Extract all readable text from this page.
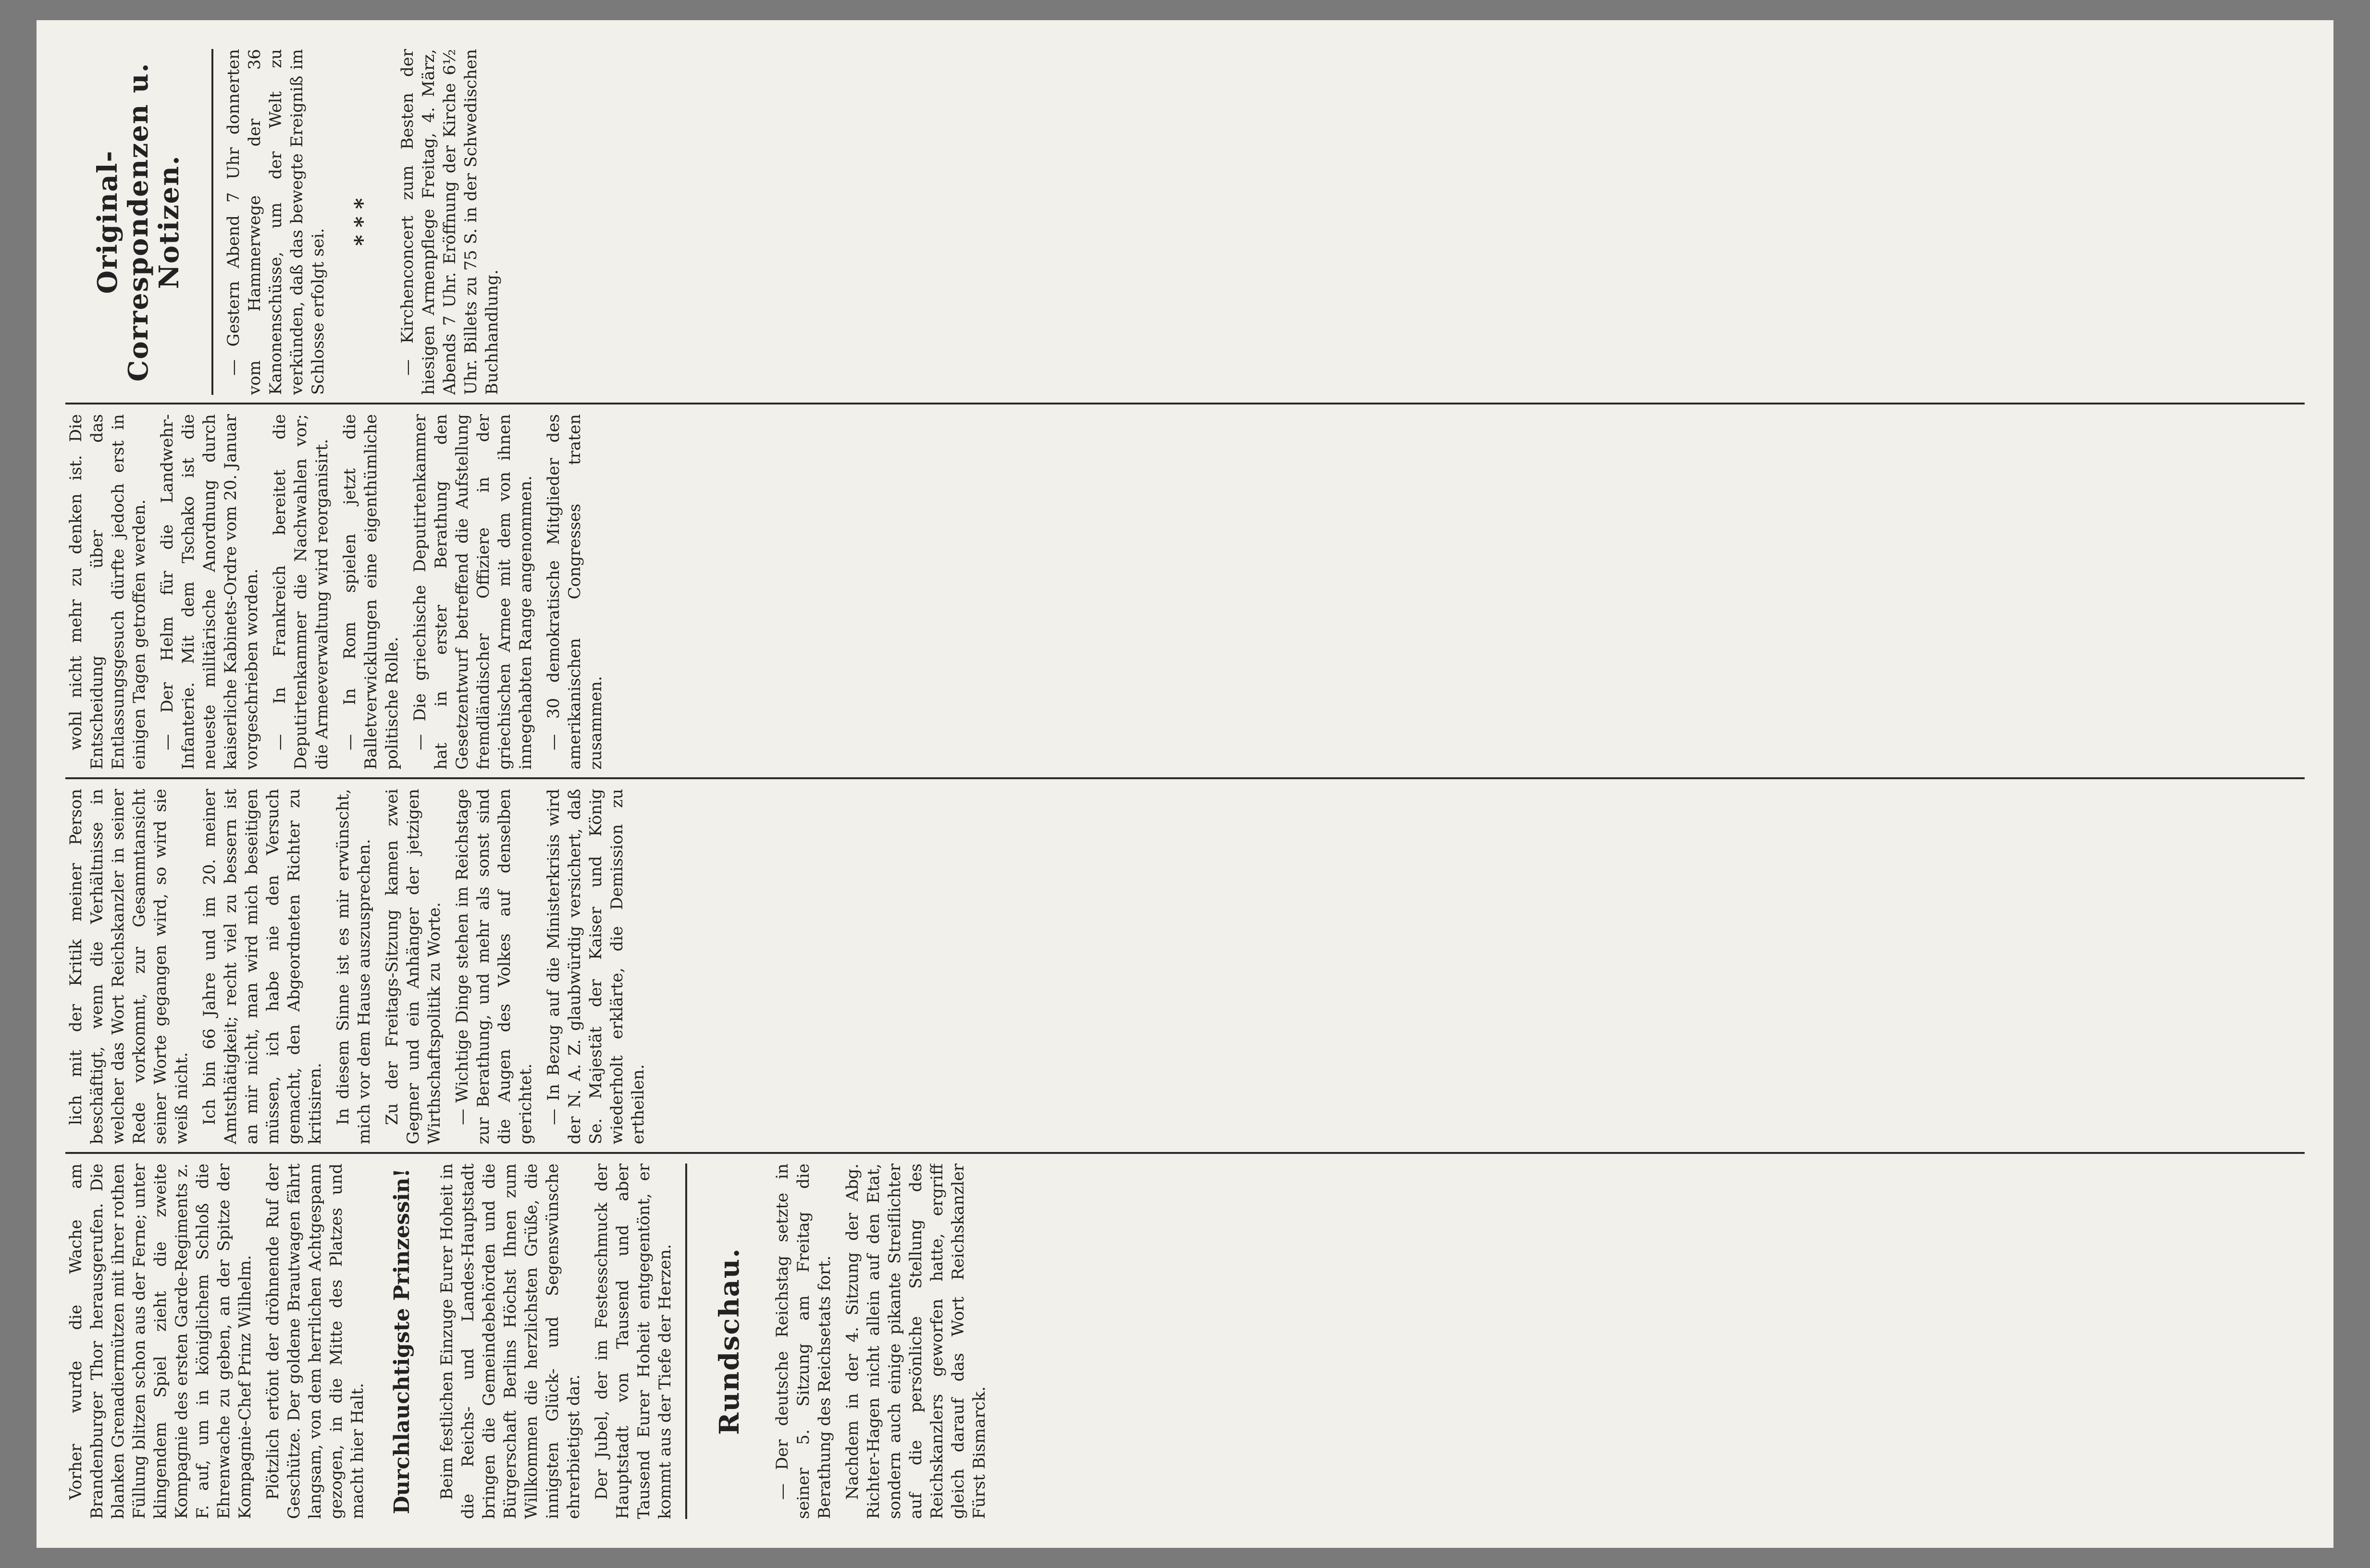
Vorher wurde die Wache am Brandenburger Thor herausgerufen. Die blanken Grenadiermützen mit ihrer rothen Füllung blitzen schon aus der Ferne; unter klingendem Spiel zieht die zweite Kompagnie des ersten Garde-Regiments z. F. auf, um in königlichem Schloß die Ehrenwache zu geben, an der Spitze der Kompagnie-Chef Prinz Wilhelm. Plötzlich ertönt der dröhnende Ruf der Geschütze. Der goldene Brautwagen fährt langsam, von dem herrlichen Achtgespann gezogen, in die Mitte des Platzes und macht hier Halt. Durchlauchtigste Prinzessin! Beim festlichen Einzuge Eurer Hoheit in die Reichs- und Landes-Hauptstadt bringen die Gemeindebehörden und die Bürgerschaft Berlins Höchst Ihnen zum Willkommen die herzlichsten Grüße, die innigsten Glück- und Segenswünsche ehrerbietigst dar. Der Jubel, der im Festesschmuck der Hauptstadt von Tausend und aber Tausend Eurer Hoheit entgegentönt, er kommt aus der Tiefe der Herzen. Rundschau. — Der deutsche Reichstag setzte in seiner 5. Sitzung am Freitag die Berathung des Reichsetats fort. Nachdem in der 4. Sitzung der Abg. Richter-Hagen nicht allein auf den Etat, sondern auch einige pikante Streiflichter auf die persönliche Stellung des Reichskanzlers geworfen hatte, ergriff gleich darauf das Wort Reichskanzler Fürst Bismarck.

lich mit der Kritik meiner Person beschäftigt, wenn die Verhältnisse in welcher das Wort Reichskanzler in seiner Rede vorkommt, zur Gesammtansicht seiner Worte gegangen wird, so wird sie weiß nicht. Ich bin 66 Jahre und im 20. meiner Amtsthätigkeit; recht viel zu bessern ist an mir nicht, man wird mich beseitigen müssen, ich habe nie den Versuch gemacht, den Abgeordneten Richter zu kritisiren. In diesem Sinne ist es mir erwünscht, mich vor dem Hause auszusprechen. Zu der Freitags-Sitzung kamen zwei Gegner und ein Anhänger der jetzigen Wirthschaftspolitik zu Worte. — Wichtige Dinge stehen im Reichstage zur Berathung, und mehr als sonst sind die Augen des Volkes auf denselben gerichtet. — In Bezug auf die Ministerkrisis wird der N. A. Z. glaubwürdig versichert, daß Se. Majestät der Kaiser und König wiederholt erklärte, die Demission zu ertheilen.

wohl nicht mehr zu denken ist. Die Entscheidung über das Entlassungsgesuch dürfte jedoch erst in einigen Tagen getroffen werden. — Der Helm für die Landwehr-Infanterie. Mit dem Tschako ist die neueste militärische Anordnung durch kaiserliche Kabinets-Ordre vom 20. Januar vorgeschrieben worden. — In Frankreich bereitet die Deputirtenkammer die Nachwahlen vor; die Armeeverwaltung wird reorganisirt. — In Rom spielen jetzt die Balletverwicklungen eine eigenthümliche politische Rolle. — Die griechische Deputirtenkammer hat in erster Berathung den Gesetzentwurf betreffend die Aufstellung fremdländischer Offiziere in der griechischen Armee mit dem von ihnen innegehabten Range angenommen. — 30 demokratische Mitglieder des amerikanischen Congresses traten zusammen.

Original-Correspondenzen u. Notizen. — Gestern Abend 7 Uhr donnerten vom Hammerwege der 36 Kanonenschüsse, um der Welt zu verkünden, daß das bewegte Ereigniß im Schlosse erfolgt sei.

* * * — Kirchenconcert zum Besten der hiesigen Armenpflege Freitag, 4. März, Abends 7 Uhr. Eröffnung der Kirche 6½ Uhr. Billets zu 75 S. in der Schwedischen Buchhandlung.
